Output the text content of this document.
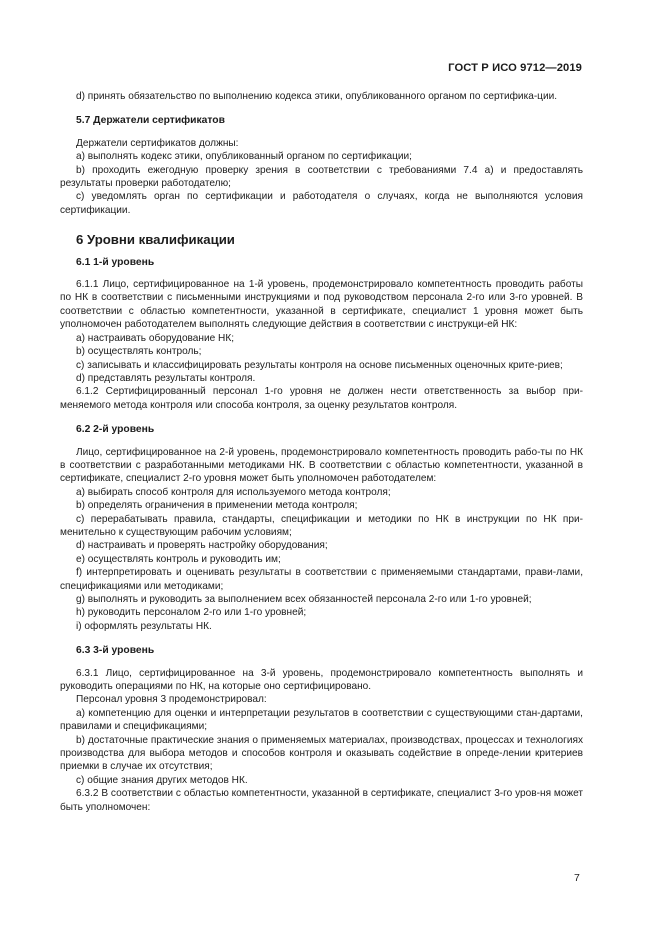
ГОСТ Р ИСО 9712—2019
d) принять обязательство по выполнению кодекса этики, опубликованного органом по сертифика-ции.
5.7 Держатели сертификатов
Держатели сертификатов должны:
а) выполнять кодекс этики, опубликованный органом по сертификации;
b) проходить ежегодную проверку зрения в соответствии с требованиями 7.4 а) и предоставлять результаты проверки работодателю;
c) уведомлять орган по сертификации и работодателя о случаях, когда не выполняются условия сертификации.
6 Уровни квалификации
6.1 1-й уровень
6.1.1 Лицо, сертифицированное на 1-й уровень, продемонстрировало компетентность проводить работы по НК в соответствии с письменными инструкциями и под руководством персонала 2-го или 3-го уровней. В соответствии с областью компетентности, указанной в сертификате, специалист 1 уровня может быть уполномочен работодателем выполнять следующие действия в соответствии с инструкци-ей НК:
а) настраивать оборудование НК;
b) осуществлять контроль;
c) записывать и классифицировать результаты контроля на основе письменных оценочных крите-риев;
d) представлять результаты контроля.
6.1.2 Сертифицированный персонал 1-го уровня не должен нести ответственность за выбор при-меняемого метода контроля или способа контроля, за оценку результатов контроля.
6.2 2-й уровень
Лицо, сертифицированное на 2-й уровень, продемонстрировало компетентность проводить рабо-ты по НК в соответствии с разработанными методиками НК. В соответствии с областью компетентности, указанной в сертификате, специалист 2-го уровня может быть уполномочен работодателем:
а) выбирать способ контроля для используемого метода контроля;
b) определять ограничения в применении метода контроля;
c) перерабатывать правила, стандарты, спецификации и методики по НК в инструкции по НК при-менительно к существующим рабочим условиям;
d) настраивать и проверять настройку оборудования;
e) осуществлять контроль и руководить им;
f) интерпретировать и оценивать результаты в соответствии с применяемыми стандартами, прави-лами, спецификациями или методиками;
g) выполнять и руководить за выполнением всех обязанностей персонала 2-го или 1-го уровней;
h) руководить персоналом 2-го или 1-го уровней;
i) оформлять результаты НК.
6.3 3-й уровень
6.3.1 Лицо, сертифицированное на 3-й уровень, продемонстрировало компетентность выполнять и руководить операциями по НК, на которые оно сертифицировано.
Персонал уровня 3 продемонстрировал:
а) компетенцию для оценки и интерпретации результатов в соответствии с существующими стан-дартами, правилами и спецификациями;
b) достаточные практические знания о применяемых материалах, производствах, процессах и технологиях производства для выбора методов и способов контроля и оказывать содействие в опреде-лении критериев приемки в случае их отсутствия;
c) общие знания других методов НК.
6.3.2 В соответствии с областью компетентности, указанной в сертификате, специалист 3-го уров-ня может быть уполномочен:
7
